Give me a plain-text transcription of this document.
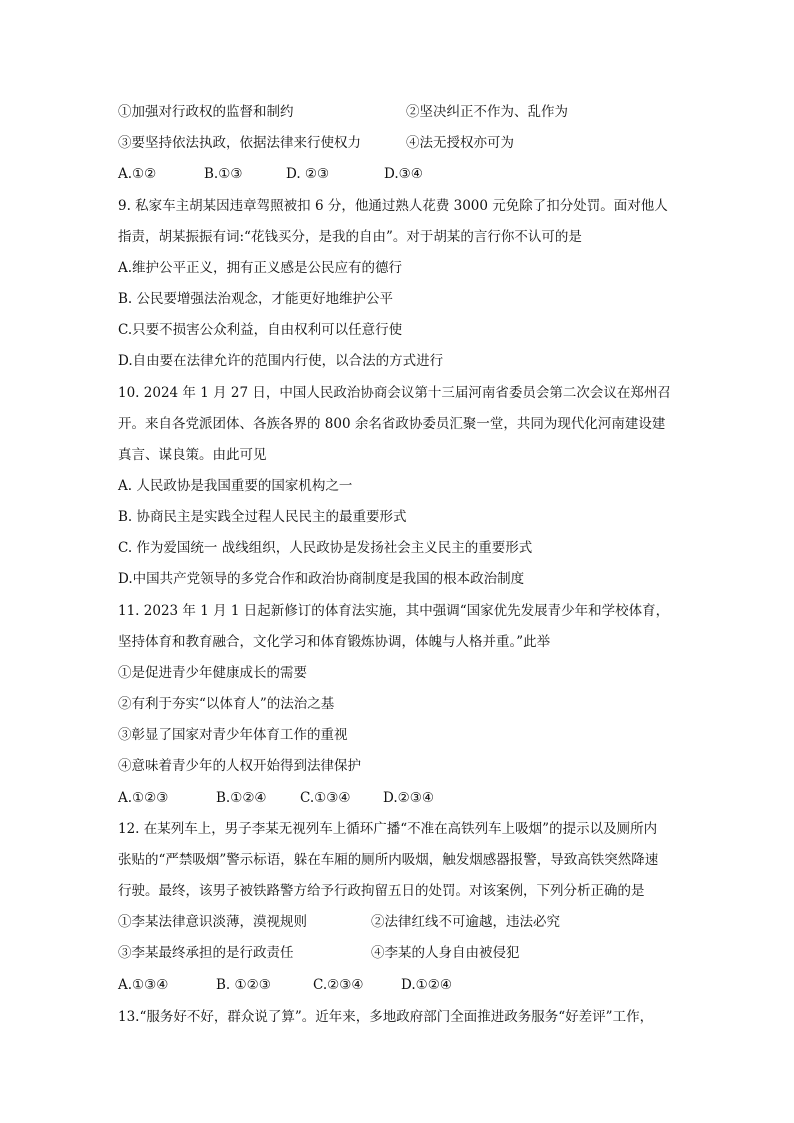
①加强对行政权的监督和制约	②坚决纠正不作为、乱作为
③要坚持依法执政，依据法律来行使权力	④法无授权亦可为
A.①②	B.①③	D. ②③	D.③④
9. 私家车主胡某因违章驾照被扣 6 分，他通过熟人花费 3000 元免除了扣分处罚。面对他人
指责，胡某振振有词:“花钱买分，是我的自由”。对于胡某的言行你不认可的是
A.维护公平正义，拥有正义感是公民应有的德行
B. 公民要增强法治观念，才能更好地维护公平
C.只要不损害公众利益，自由权利可以任意行使
D.自由要在法律允许的范围内行使，以合法的方式进行
10. 2024 年 1 月 27 日，中国人民政治协商会议第十三届河南省委员会第二次会议在郑州召
开。来自各党派团体、各族各界的 800 余名省政协委员汇聚一堂，共同为现代化河南建设建
真言、谋良策。由此可见
A. 人民政协是我国重要的国家机构之一
B. 协商民主是实践全过程人民民主的最重要形式
C. 作为爱国统一 战线组织，人民政协是发扬社会主义民主的重要形式
D.中国共产党领导的多党合作和政治协商制度是我国的根本政治制度
11. 2023 年 1 月 1 日起新修订的体育法实施，其中强调“国家优先发展青少年和学校体育，
坚持体育和教育融合，文化学习和体育锻炼协调，体魄与人格并重。”此举
①是促进青少年健康成长的需要
②有利于夯实“以体育人”的法治之基
③彰显了国家对青少年体育工作的重视
④意味着青少年的人权开始得到法律保护
A.①②③	B.①②④	C.①③④	D.②③④
12. 在某列车上，男子李某无视列车上循环广播“不准在高铁列车上吸烟”的提示以及厕所内
张贴的“严禁吸烟”警示标语，躲在车厢的厕所内吸烟，触发烟感器报警，导致高铁突然降速
行驶。最终，该男子被铁路警方给予行政拘留五日的处罚。对该案例，下列分析正确的是
①李某法律意识淡薄，漠视规则	②法律红线不可逾越，违法必究
③李某最终承担的是行政责任	④李某的人身自由被侵犯
A.①③④	B. ①②③	C.②③④	D.①②④
13.“服务好不好，群众说了算”。近年来，多地政府部门全面推进政务服务“好差评”工作，
